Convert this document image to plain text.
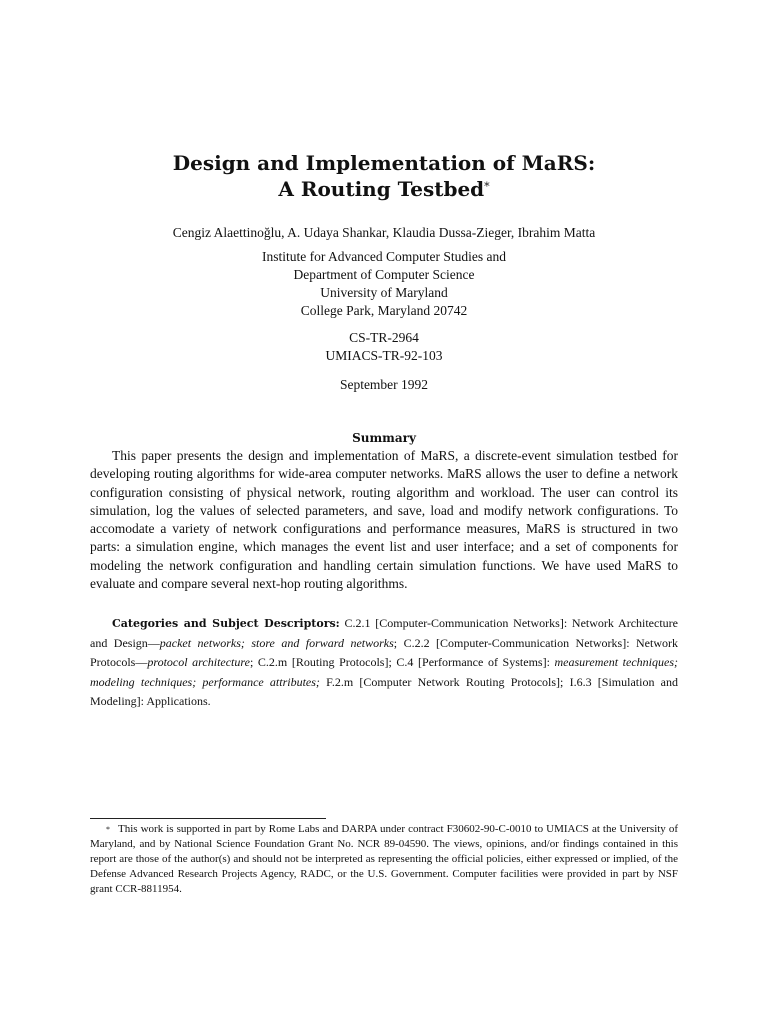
Design and Implementation of MaRS:
A Routing Testbed*
Cengiz Alaettinoğlu, A. Udaya Shankar, Klaudia Dussa-Zieger, Ibrahim Matta
Institute for Advanced Computer Studies and
Department of Computer Science
University of Maryland
College Park, Maryland 20742
CS-TR-2964
UMIACS-TR-92-103
September 1992
Summary

This paper presents the design and implementation of MaRS, a discrete-event simulation testbed for developing routing algorithms for wide-area computer networks. MaRS allows the user to define a network configuration consisting of physical network, routing algorithm and workload. The user can control its simulation, log the values of selected parameters, and save, load and modify network configurations. To accomodate a variety of network configurations and performance measures, MaRS is structured in two parts: a simulation engine, which manages the event list and user interface; and a set of components for modeling the network configuration and handling certain simulation functions. We have used MaRS to evaluate and compare several next-hop routing algorithms.

Categories and Subject Descriptors: C.2.1 [Computer-Communication Networks]: Network Architecture and Design—packet networks; store and forward networks; C.2.2 [Computer-Communication Networks]: Network Protocols—protocol architecture; C.2.m [Routing Protocols]; C.4 [Performance of Systems]: measurement techniques; modeling techniques; performance attributes; F.2.m [Computer Network Routing Protocols]; I.6.3 [Simulation and Modeling]: Applications.

* This work is supported in part by Rome Labs and DARPA under contract F30602-90-C-0010 to UMIACS at the University of Maryland, and by National Science Foundation Grant No. NCR 89-04590. The views, opinions, and/or findings contained in this report are those of the author(s) and should not be interpreted as representing the official policies, either expressed or implied, of the Defense Advanced Research Projects Agency, RADC, or the U.S. Government. Computer facilities were provided in part by NSF grant CCR-8811954.
